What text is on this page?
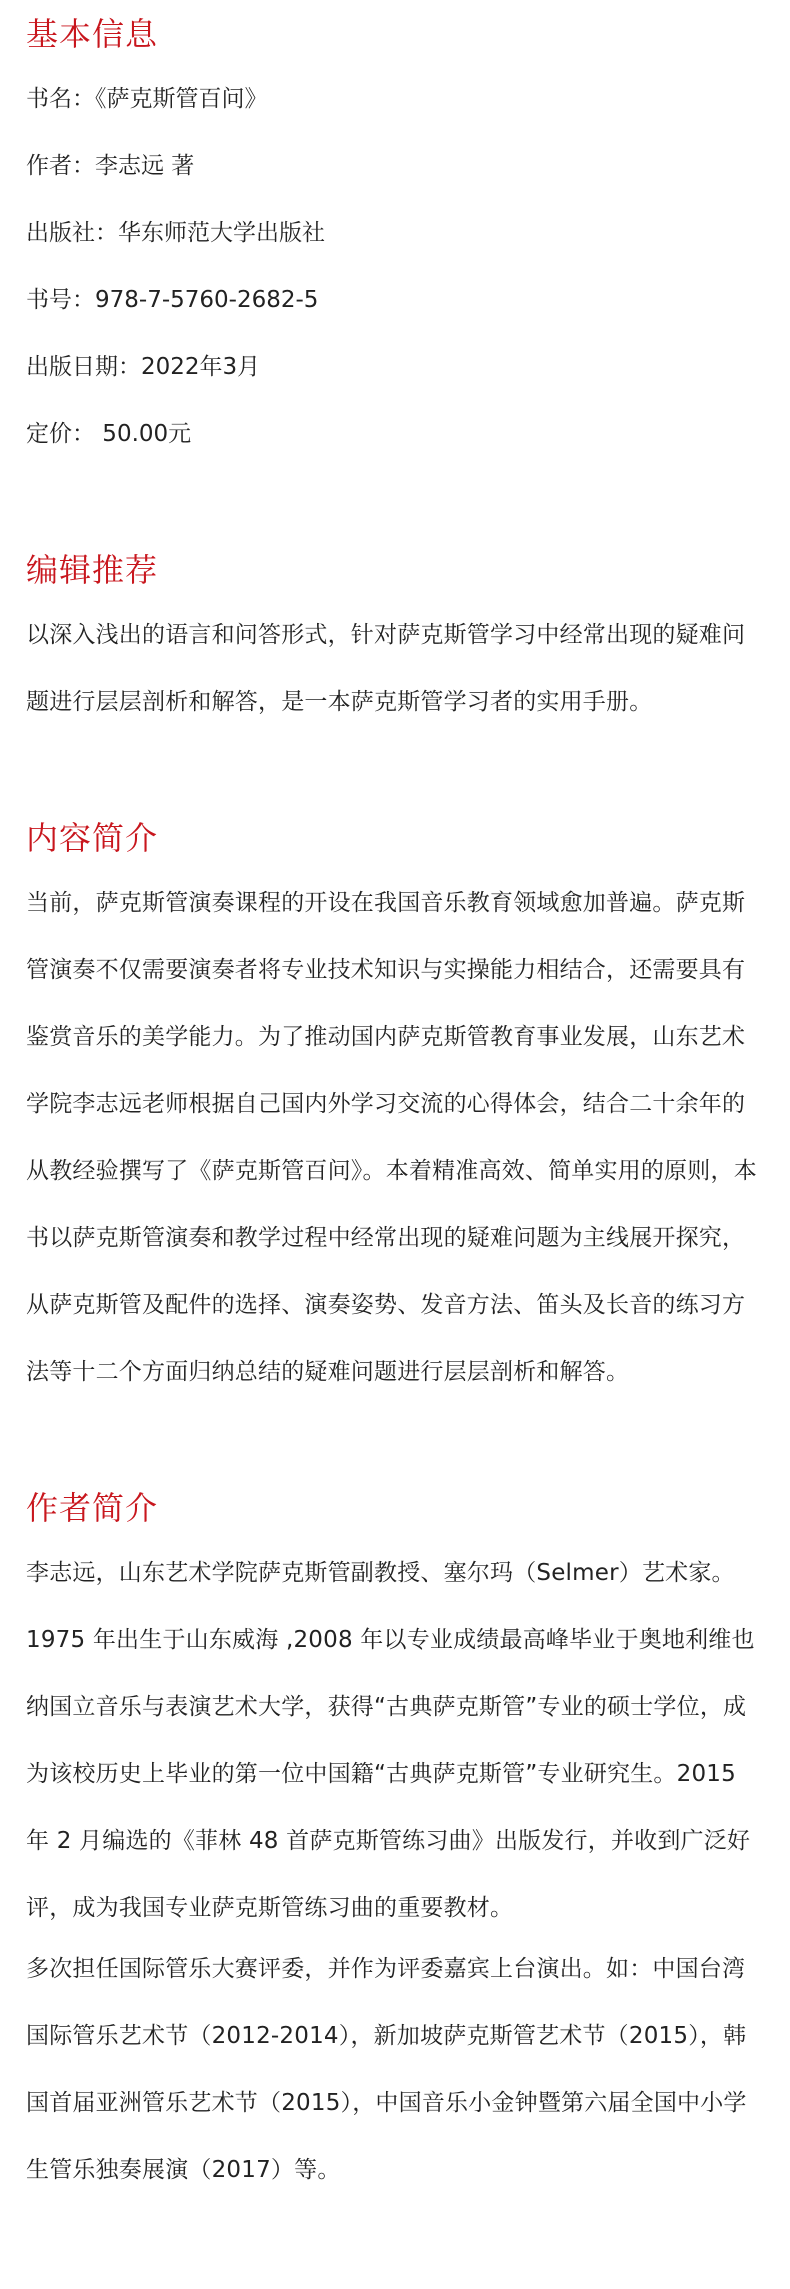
基本信息

书名：《萨克斯管百问》

作者：李志远 著

出版社：华东师范大学出版社

书号：978-7-5760-2682-5

出版日期：2022年3月

定价： 50.00元

编辑推荐

以深入浅出的语言和问答形式，针对萨克斯管学习中经常出现的疑难问题进行层层剖析和解答，是一本萨克斯管学习者的实用手册。

内容简介

当前，萨克斯管演奏课程的开设在我国音乐教育领域愈加普遍。萨克斯管演奏不仅需要演奏者将专业技术知识与实操能力相结合，还需要具有鉴赏音乐的美学能力。为了推动国内萨克斯管教育事业发展，山东艺术学院李志远老师根据自己国内外学习交流的心得体会，结合二十余年的从教经验撰写了《萨克斯管百问》。本着精准高效、简单实用的原则，本书以萨克斯管演奏和教学过程中经常出现的疑难问题为主线展开探究，从萨克斯管及配件的选择、演奏姿势、发音方法、笛头及长音的练习方法等十二个方面归纳总结的疑难问题进行层层剖析和解答。

作者简介

李志远，山东艺术学院萨克斯管副教授、塞尔玛（Selmer）艺术家。1975 年出生于山东威海 ,2008 年以专业成绩最高峰毕业于奥地利维也纳国立音乐与表演艺术大学，获得“古典萨克斯管”专业的硕士学位，成为该校历史上毕业的第一位中国籍“古典萨克斯管”专业研究生。2015 年 2 月编选的《菲林 48 首萨克斯管练习曲》出版发行，并收到广泛好评，成为我国专业萨克斯管练习曲的重要教材。

多次担任国际管乐大赛评委，并作为评委嘉宾上台演出。如：中国台湾国际管乐艺术节（2012-2014），新加坡萨克斯管艺术节（2015），韩国首届亚洲管乐艺术节（2015），中国音乐小金钟暨第六届全国中小学生管乐独奏展演（2017）等。
